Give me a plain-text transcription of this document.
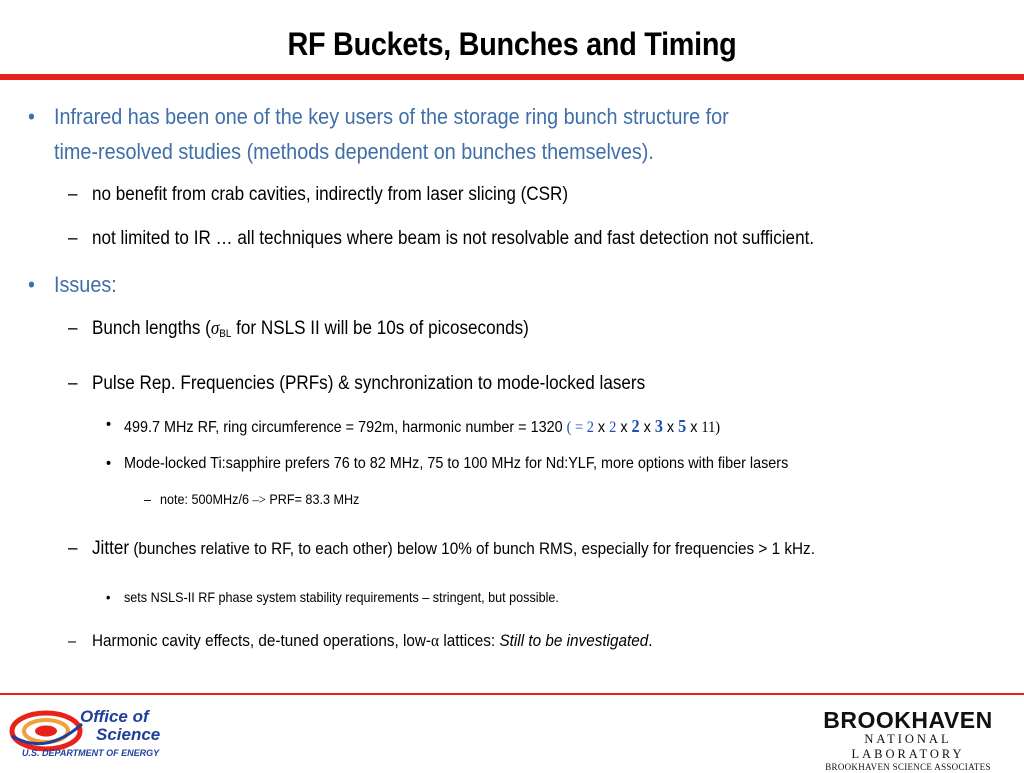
RF Buckets, Bunches and Timing
• Infrared has been one of the key users of the storage ring bunch structure for
time-resolved studies (methods dependent on bunches themselves).
– no benefit from crab cavities, indirectly from laser slicing (CSR)
– not limited to IR … all techniques where beam is not resolvable and fast detection not sufficient.
• Issues:
– Bunch lengths ($\sigma_{BL}$ for NSLS II will be 10s of picoseconds)
– Pulse Rep. Frequencies (PRFs) & synchronization to mode-locked lasers
• 499.7 MHz RF, ring circumference = 792m, harmonic number = 1320 ( = 2 x 2 x 2 x 3 x 5 x 11)
• Mode-locked Ti:sapphire prefers 76 to 82 MHz, 75 to 100 MHz for Nd:YLF, more options with fiber lasers
– note: 500MHz/6 –> PRF= 83.3 MHz
– Jitter (bunches relative to RF, to each other) below 10% of bunch RMS, especially for frequencies > 1 kHz.
• sets NSLS-II RF phase system stability requirements – stringent, but possible.
– Harmonic cavity effects, de-tuned operations, low-α lattices: Still to be investigated.
Office of
Science
U.S. DEPARTMENT OF ENERGY
BROOKHAVEN
NATIONAL LABORATORY
BROOKHAVEN SCIENCE ASSOCIATES
